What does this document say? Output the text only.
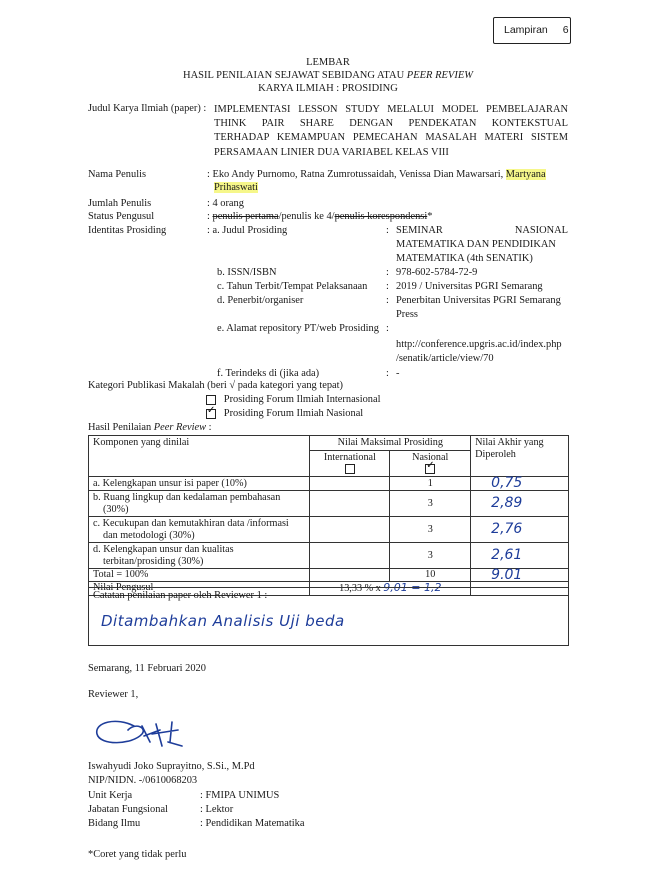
Lampiran 6
LEMBAR
HASIL PENILAIAN SEJAWAT SEBIDANG ATAU PEER REVIEW
KARYA ILMIAH : PROSIDING
Judul Karya Ilmiah (paper) : IMPLEMENTASI LESSON STUDY MELALUI MODEL PEMBELAJARAN
THINK PAIR SHARE DENGAN PENDEKATAN KONTEKSTUAL
TERHADAP KEMAMPUAN PEMECAHAN MASALAH MATERI SISTEM
PERSAMAAN LINIER DUA VARIABEL KELAS VIII
Nama Penulis	: Eko Andy Purnomo, Ratna Zumrotussaidah, Venissa Dian Mawarsari, Martyana
Prihaswati
Jumlah Penulis	: 4 orang
Status Pengusul	: penulis pertama/penulis ke 4/penulis korespondensi*
Identitas Prosiding	: a. Judul Prosiding	: SEMINAR NASIONAL
MATEMATIKA DAN PENDIDIKAN
MATEMATIKA (4th SENATIK)
b. ISSN/ISBN	: 978-602-5784-72-9
c. Tahun Terbit/Tempat Pelaksanaan : 2019 / Universitas PGRI Semarang
d. Penerbit/organiser	: Penerbitan Universitas PGRI Semarang
Press
e. Alamat repository PT/web Prosiding :
http://conference.upgris.ac.id/index.php
/senatik/article/view/70
f. Terindeks di (jika ada)	: -
Kategori Publikasi Makalah (beri √ pada kategori yang tepat)
Prosiding Forum Ilmiah Internasional
✓   Prosiding Forum Ilmiah Nasional
Hasil Penilaian Peer Review :
Komponen yang dinilai	Nilai Maksimal Prosiding		Nilai Akhir yang
Diperoleh

	International	Nasional
✓
a. Kelengkapan unsur isi paper (10%)		1	0,75

b. Ruang lingkup dan kedalaman pembahasan
(30%)		3	2,89

c. Kecukupan dan kemutakhiran data /informasi
dan metodologi (30%)		3	2,76

d. Kelengkapan unsur dan kualitas
terbitan/prosiding (30%)		3	2,61
Total = 100%		10	9.01
Nilai Pengusul	13,33 % x 9,01 = 1,2		
Catatan penilaian paper oleh Reviewer 1 :
Ditambahkan Analisis Uji beda
Semarang, 11 Februari 2020
Reviewer 1,
Iswahyudi Joko Suprayitno, S.Si., M.Pd
NIP/NIDN. -/0610068203
Unit Kerja	: FMIPA UNIMUS
Jabatan Fungsional	: Lektor
Bidang Ilmu	: Pendidikan Matematika
*Coret yang tidak perlu
